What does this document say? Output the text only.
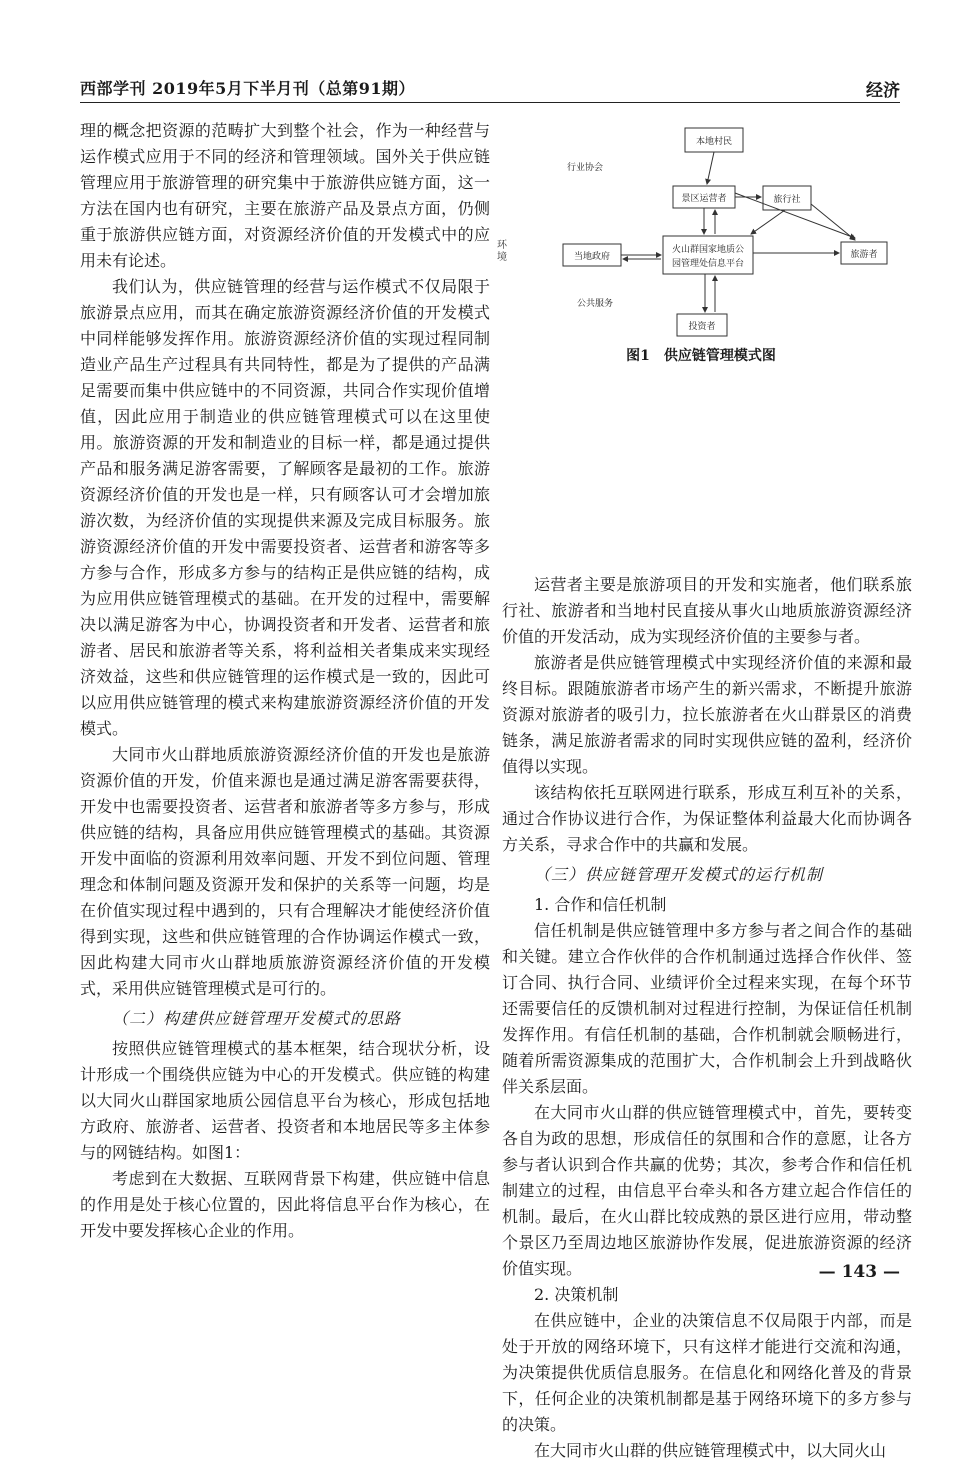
西部学刊 2019年5月下半月刊（总第91期）	经济

理的概念把资源的范畴扩大到整个社会，作为一种经营与运作模式应用于不同的经济和管理领域。国外关于供应链管理应用于旅游管理的研究集中于旅游供应链方面，这一方法在国内也有研究，主要在旅游产品及景点方面，仍侧重于旅游供应链方面，对资源经济价值的开发模式中的应用未有论述。

我们认为，供应链管理的经营与运作模式不仅局限于旅游景点应用，而其在确定旅游资源经济价值的开发模式中同样能够发挥作用。旅游资源经济价值的实现过程同制造业产品生产过程具有共同特性，都是为了提供的产品满足需要而集中供应链中的不同资源，共同合作实现价值增值，因此应用于制造业的供应链管理模式可以在这里使用。旅游资源的开发和制造业的目标一样，都是通过提供产品和服务满足游客需要，了解顾客是最初的工作。旅游资源经济价值的开发也是一样，只有顾客认可才会增加旅游次数，为经济价值的实现提供来源及完成目标服务。旅游资源经济价值的开发中需要投资者、运营者和游客等多方参与合作，形成多方参与的结构正是供应链的结构，成为应用供应链管理模式的基础。在开发的过程中，需要解决以满足游客为中心，协调投资者和开发者、运营者和旅游者、居民和旅游者等关系，将利益相关者集成来实现经济效益，这些和供应链管理的运作模式是一致的，因此可以应用供应链管理的模式来构建旅游资源经济价值的开发模式。

大同市火山群地质旅游资源经济价值的开发也是旅游资源价值的开发，价值来源也是通过满足游客需要获得，开发中也需要投资者、运营者和旅游者等多方参与，形成供应链的结构，具备应用供应链管理模式的基础。其资源开发中面临的资源利用效率问题、开发不到位问题、管理理念和体制问题及资源开发和保护的关系等一问题，均是在价值实现过程中遇到的，只有合理解决才能使经济价值得到实现，这些和供应链管理的合作协调运作模式一致，因此构建大同市火山群地质旅游资源经济价值的开发模式，采用供应链管理模式是可行的。

（二）构建供应链管理开发模式的思路

按照供应链管理模式的基本框架，结合现状分析，设计形成一个围绕供应链为中心的开发模式。供应链的构建以大同火山群国家地质公园信息平台为核心，形成包括地方政府、旅游者、运营者、投资者和本地居民等多主体参与的网链结构。如图1：

考虑到在大数据、互联网背景下构建，供应链中信息的作用是处于核心位置的，因此将信息平台作为核心，在开发中要发挥核心企业的作用。

本地村民
景区运营者	旅行社
火山群国家地质公
园管理处信息平台
当地政府	旅游者
投资者
行业协会
公共服务
环境
图1　供应链管理模式图

运营者主要是旅游项目的开发和实施者，他们联系旅行社、旅游者和当地村民直接从事火山地质旅游资源经济价值的开发活动，成为实现经济价值的主要参与者。

旅游者是供应链管理模式中实现经济价值的来源和最终目标。跟随旅游者市场产生的新兴需求，不断提升旅游资源对旅游者的吸引力，拉长旅游者在火山群景区的消费链条，满足旅游者需求的同时实现供应链的盈利，经济价值得以实现。

该结构依托互联网进行联系，形成互利互补的关系，通过合作协议进行合作，为保证整体利益最大化而协调各方关系，寻求合作中的共赢和发展。

（三）供应链管理开发模式的运行机制

1. 合作和信任机制

信任机制是供应链管理中多方参与者之间合作的基础和关键。建立合作伙伴的合作机制通过选择合作伙伴、签订合同、执行合同、业绩评价全过程来实现，在每个环节还需要信任的反馈机制对过程进行控制，为保证信任机制发挥作用。有信任机制的基础，合作机制就会顺畅进行，随着所需资源集成的范围扩大，合作机制会上升到战略伙伴关系层面。

在大同市火山群的供应链管理模式中，首先，要转变各自为政的思想，形成信任的氛围和合作的意愿，让各方参与者认识到合作共赢的优势；其次，参考合作和信任机制建立的过程，由信息平台牵头和各方建立起合作信任的机制。最后，在火山群比较成熟的景区进行应用，带动整个景区乃至周边地区旅游协作发展，促进旅游资源的经济价值实现。

2. 决策机制

在供应链中，企业的决策信息不仅局限于内部，而是处于开放的网络环境下，只有这样才能进行交流和沟通，为决策提供优质信息服务。在信息化和网络化普及的背景下，任何企业的决策机制都是基于网络环境下的多方参与的决策。

在大同市火山群的供应链管理模式中，以大同火山

— 143 —
